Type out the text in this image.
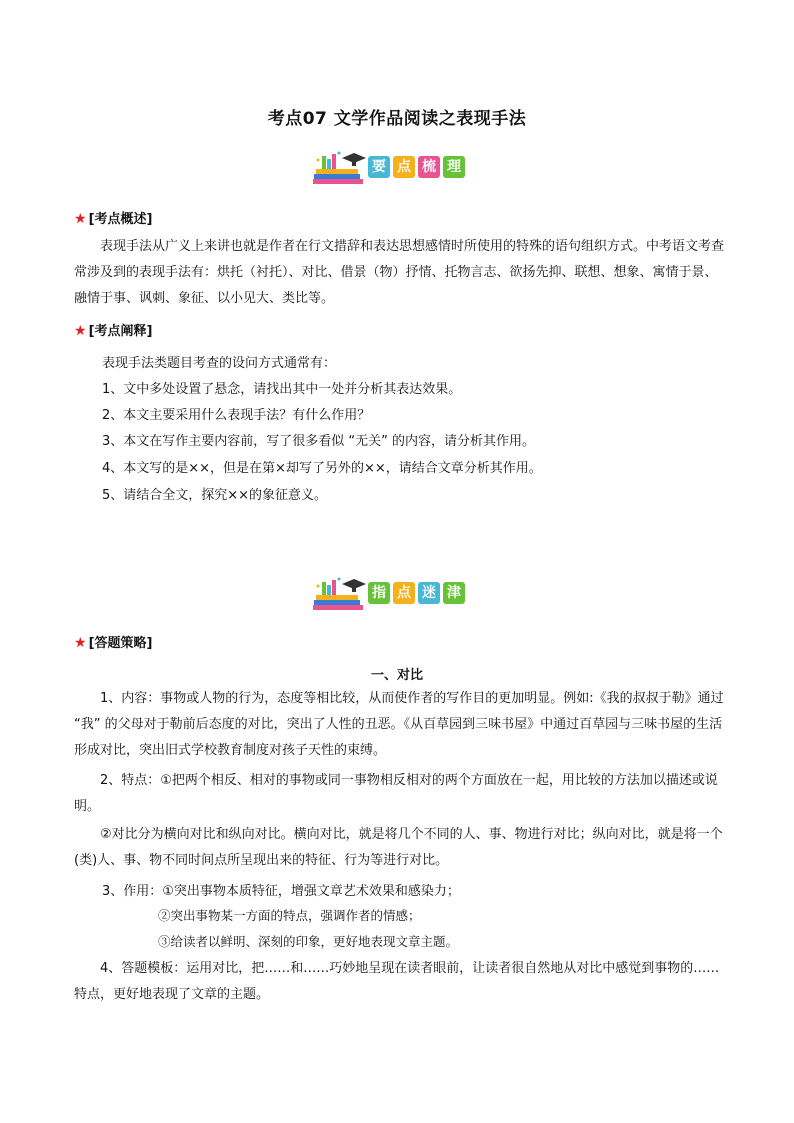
考点07 文学作品阅读之表现手法
要 点 梳 理
★ [考点概述]
表现手法从广义上来讲也就是作者在行文措辞和表达思想感情时所使用的特殊的语句组织方式。中考语文考查常涉及到的表现手法有：烘托（衬托）、对比、借景（物）抒情、托物言志、欲扬先抑、联想、想象、寓情于景、融情于事、讽刺、象征、以小见大、类比等。
★ [考点阐释]
表现手法类题目考查的设问方式通常有：
1、文中多处设置了悬念，请找出其中一处并分析其表达效果。
2、本文主要采用什么表现手法？有什么作用？
3、本文在写作主要内容前，写了很多看似 “无关” 的内容，请分析其作用。
4、本文写的是××，但是在第×却写了另外的××，请结合文章分析其作用。
5、请结合全文，探究××的象征意义。
指 点 迷 津
★ [答题策略]
一、对比
1、内容：事物或人物的行为，态度等相比较，从而使作者的写作目的更加明显。例如:《我的叔叔于勒》通过 “我” 的父母对于勒前后态度的对比，突出了人性的丑恶。《从百草园到三味书屋》中通过百草园与三味书屋的生活形成对比，突出旧式学校教育制度对孩子天性的束缚。
2、特点：①把两个相反、相对的事物或同一事物相反相对的两个方面放在一起，用比较的方法加以描述或说明。
②对比分为横向对比和纵向对比。横向对比，就是将几个不同的人、事、物进行对比；纵向对比，就是将一个(类)人、事、物不同时间点所呈现出来的特征、行为等进行对比。
3、作用：①突出事物本质特征，增强文章艺术效果和感染力；
②突出事物某一方面的特点，强调作者的情感；
③给读者以鲜明、深刻的印象，更好地表现文章主题。
4、答题模板：运用对比，把……和……巧妙地呈现在读者眼前，让读者很自然地从对比中感觉到事物的……特点，更好地表现了文章的主题。
